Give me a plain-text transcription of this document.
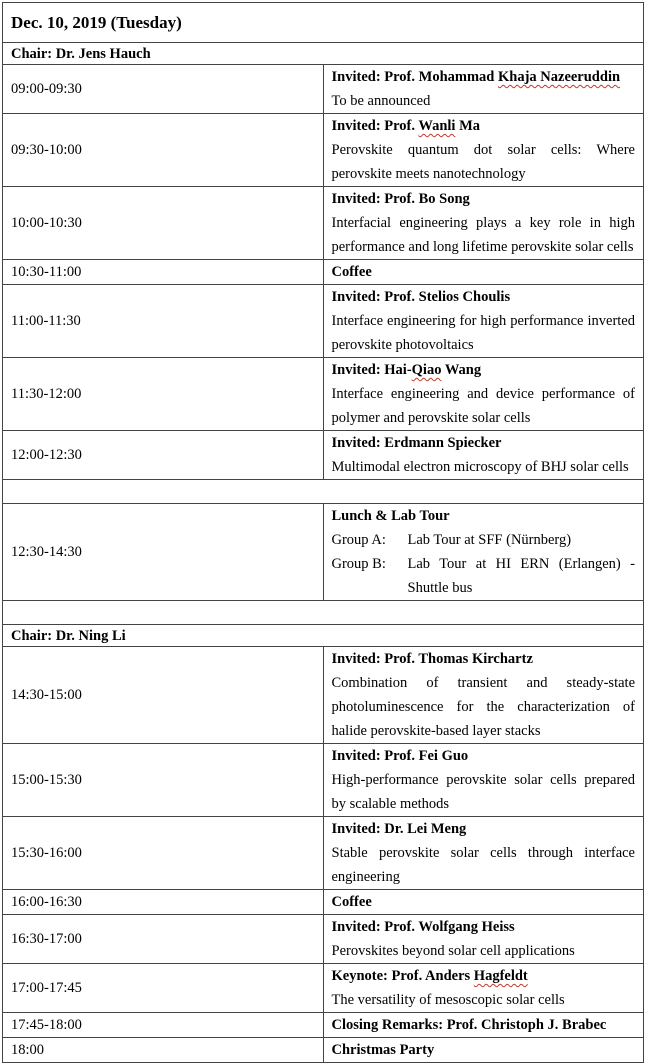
Dec. 10, 2019 (Tuesday)	
Chair: Dr. Jens Hauch	
09:00-09:30	Invited: Prof. Mohammad Khaja Nazeeruddin
To be announced

09:30-10:00	Invited: Prof. Wanli Ma
Perovskite quantum dot solar cells: Where perovskite meets nanotechnology

10:00-10:30	Invited: Prof. Bo Song
Interfacial engineering plays a key role in high performance and long lifetime perovskite solar cells

10:30-11:00	Coffee
11:00-11:30	Invited: Prof. Stelios Choulis
Interface engineering for high performance inverted perovskite photovoltaics

11:30-12:00	Invited: Hai-Qiao Wang
Interface engineering and device performance of polymer and perovskite solar cells

12:00-12:30	Invited: Erdmann Spiecker
Multimodal electron microscopy of BHJ solar cells

12:30-14:30	Lunch & Lab Tour
Group A: Lab Tour at SFF (Nürnberg)
Group B: Lab Tour at HI ERN (Erlangen) - Shuttle bus

Chair: Dr. Ning Li	
14:30-15:00	Invited: Prof. Thomas Kirchartz
Combination of transient and steady-state photoluminescence for the characterization of halide perovskite-based layer stacks

15:00-15:30	Invited: Prof. Fei Guo
High-performance perovskite solar cells prepared by scalable methods

15:30-16:00	Invited: Dr. Lei Meng
Stable perovskite solar cells through interface engineering

16:00-16:30	Coffee
16:30-17:00	Invited: Prof. Wolfgang Heiss
Perovskites beyond solar cell applications

17:00-17:45	Keynote: Prof. Anders Hagfeldt
The versatility of mesoscopic solar cells

17:45-18:00	Closing Remarks: Prof. Christoph J. Brabec
18:00	Christmas Party
